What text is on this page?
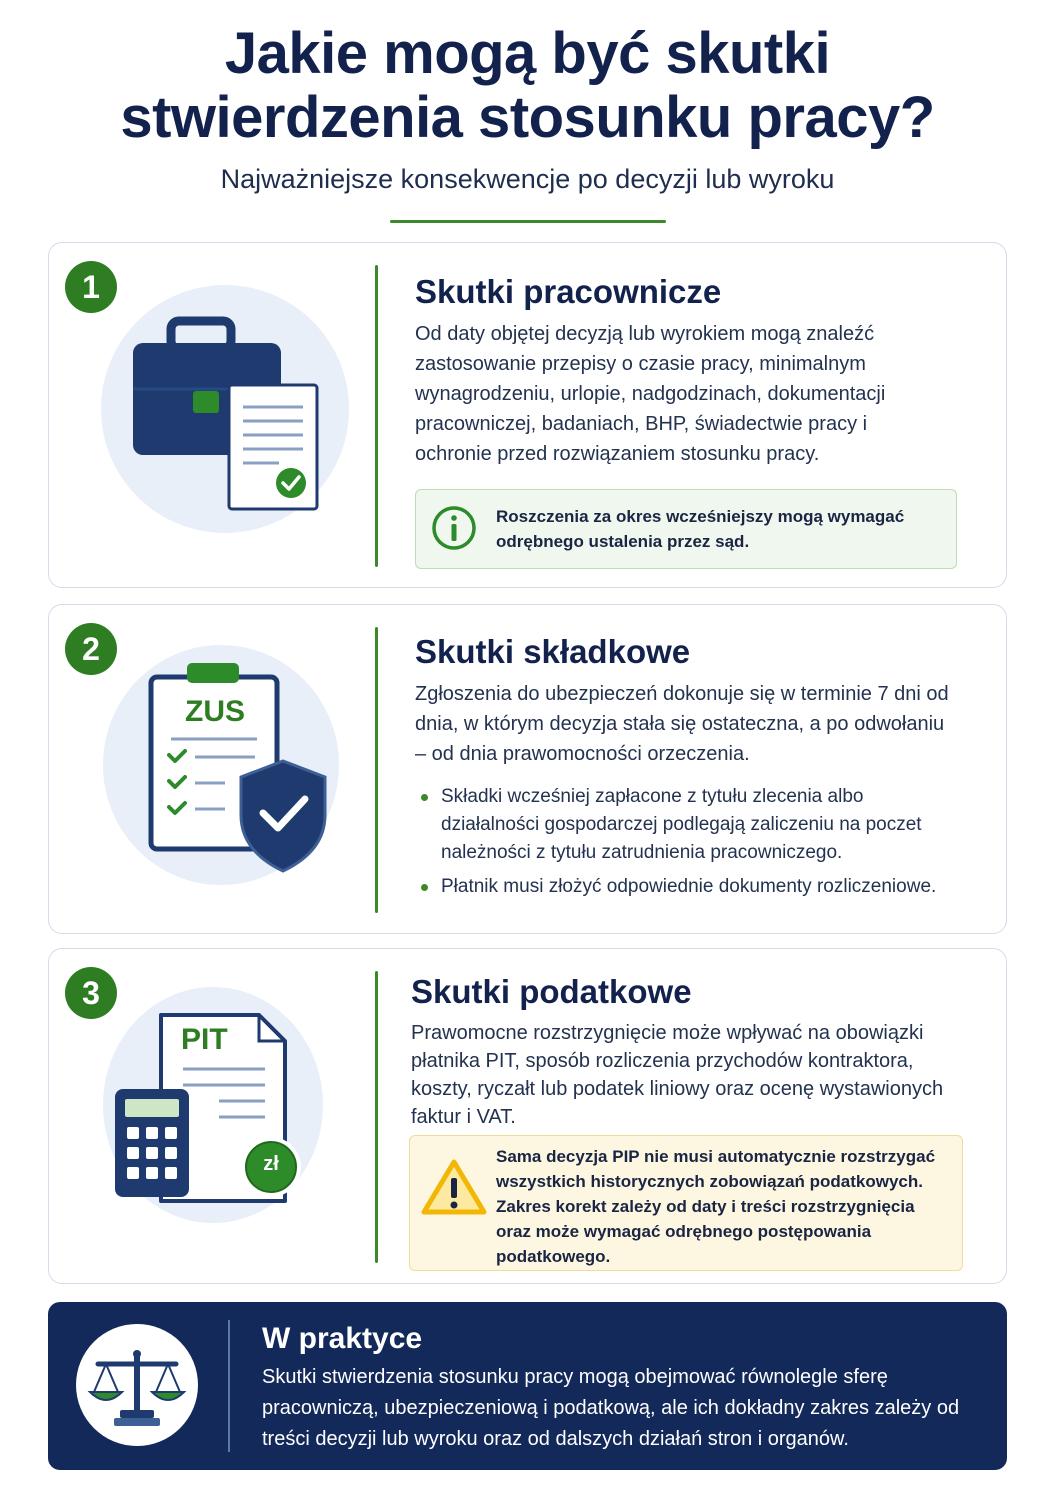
Jakie mogą być skutki
stwierdzenia stosunku pracy?
Najważniejsze konsekwencje po decyzji lub wyroku
1	Skutki pracownicze
Od daty objętej decyzją lub wyrokiem mogą znaleźć zastosowanie przepisy o czasie pracy, minimalnym wynagrodzeniu, urlopie, nadgodzinach, dokumentacji pracowniczej, badaniach, BHP, świadectwie pracy i ochronie przed rozwiązaniem stosunku pracy.
Roszczenia za okres wcześniejszy mogą wymagać odrębnego ustalenia przez sąd.
2
ZUS
Skutki składkowe
Zgłoszenia do ubezpieczeń dokonuje się w terminie 7 dni od dnia, w którym decyzja stała się ostateczna, a po odwołaniu – od dnia prawomocności orzeczenia.
Składki wcześniej zapłacone z tytułu zlecenia albo działalności gospodarczej podlegają zaliczeniu na poczet należności z tytułu zatrudnienia pracowniczego.
Płatnik musi złożyć odpowiednie dokumenty rozliczeniowe.
3
PIT
zł
Skutki podatkowe
Prawomocne rozstrzygnięcie może wpływać na obowiązki płatnika PIT, sposób rozliczenia przychodów kontraktora, koszty, ryczałt lub podatek liniowy oraz ocenę wystawionych faktur i VAT.
Sama decyzja PIP nie musi automatycznie rozstrzygać wszystkich historycznych zobowiązań podatkowych. Zakres korekt zależy od daty i treści rozstrzygnięcia oraz może wymagać odrębnego postępowania podatkowego.
W praktyce
Skutki stwierdzenia stosunku pracy mogą obejmować równolegle sferę pracowniczą, ubezpieczeniową i podatkową, ale ich dokładny zakres zależy od treści decyzji lub wyroku oraz od dalszych działań stron i organów.
